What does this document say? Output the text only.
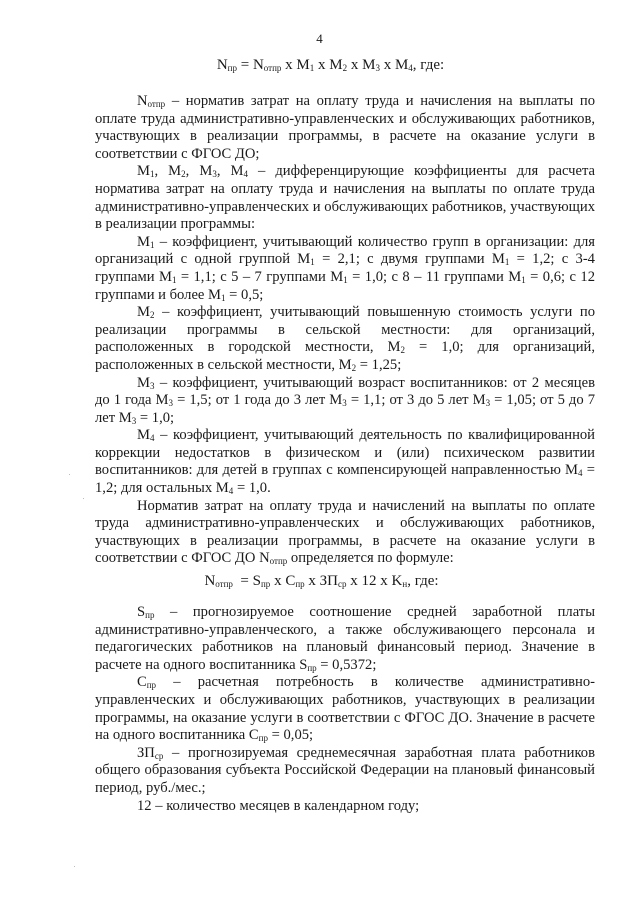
4
$N_{пр} = N_{отпр}$ x $M_1$ x $M_2$ x $M_3$ x $M_4$, где:

$N_{отпр}$ – норматив затрат на оплату труда и начисления на выплаты по оплате труда административно-управленческих и обслуживающих работников, участвующих в реализации программы, в расчете на оказание услуги в соответствии с ФГОС ДО;

$M_1$, $M_2$, $M_3$, $M_4$ – дифференцирующие коэффициенты для расчета норматива затрат на оплату труда и начисления на выплаты по оплате труда административно-управленческих и обслуживающих работников, участвующих в реализации программы:

$M_1$ – коэффициент, учитывающий количество групп в организации: для организаций с одной группой $M_1 = 2,1$; с двумя группами $M_1 = 1,2$; с 3-4 группами $M_1 = 1,1$; с 5 – 7 группами $M_1 = 1,0$; с 8 – 11 группами $M_1 = 0,6$; с 12 группами и более $M_1 = 0,5$;

$M_2$ – коэффициент, учитывающий повышенную стоимость услуги по реализации программы в сельской местности: для организаций, расположенных в городской местности, $M_2 = 1,0$; для организаций, расположенных в сельской местности, $M_2 = 1,25$;

$M_3$ – коэффициент, учитывающий возраст воспитанников: от 2 месяцев до 1 года $M_3 = 1,5$; от 1 года до 3 лет $M_3 = 1,1$; от 3 до 5 лет $M_3 = 1,05$; от 5 до 7 лет $M_3 = 1,0$;

$M_4$ – коэффициент, учитывающий деятельность по квалифицированной коррекции недостатков в физическом и (или) психическом развитии воспитанников: для детей в группах с компенсирующей направленностью $M_4 = 1,2$; для остальных $M_4 = 1,0$.

Норматив затрат на оплату труда и начислений на выплаты по оплате труда административно-управленческих и обслуживающих работников, участвующих в реализации программы, в расчете на оказание услуги в соответствии с ФГОС ДО $N_{отпр}$ определяется по формуле:

$N_{отпр} = S_{пр}$ x $C_{пр}$ x $ЗП_{ср}$ x 12 x $K_н$, где:

$S_{пр}$ – прогнозируемое соотношение средней заработной платы административно-управленческого, а также обслуживающего персонала и педагогических работников на плановый финансовый период. Значение в расчете на одного воспитанника $S_{пр} = 0,5372$;

$C_{пр}$ – расчетная потребность в количестве административно-управленческих и обслуживающих работников, участвующих в реализации программы, на оказание услуги в соответствии с ФГОС ДО. Значение в расчете на одного воспитанника $C_{пр} = 0,05$;

$ЗП_{ср}$ – прогнозируемая среднемесячная заработная плата работников общего образования субъекта Российской Федерации на плановый финансовый период, руб./мес.;

12 – количество месяцев в календарном году;
